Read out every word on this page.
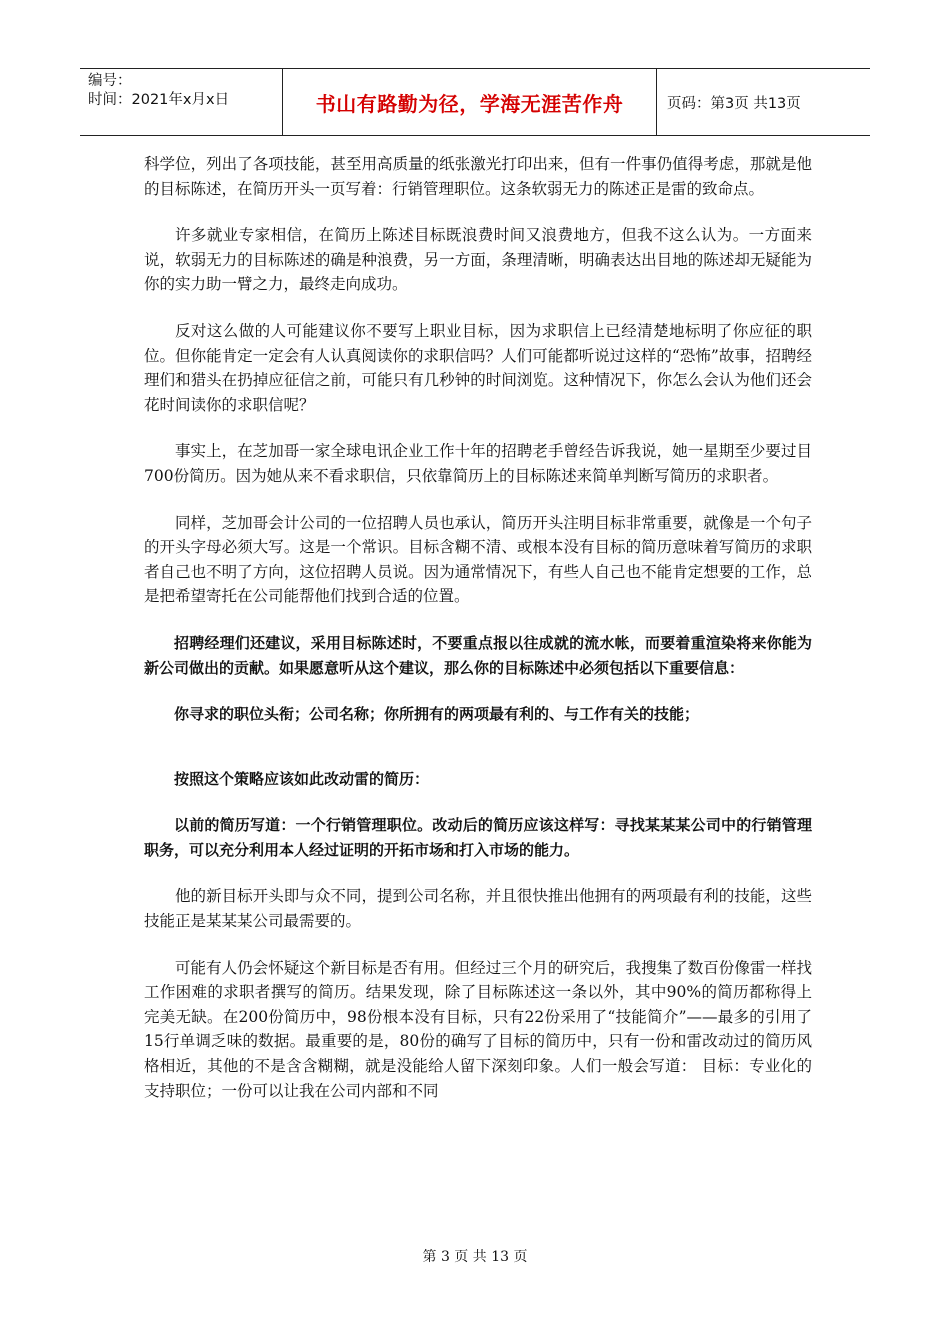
编号：
时间：2021年x月x日	书山有路勤为径，学海无涯苦作舟	页码：第3页 共13页

科学位，列出了各项技能，甚至用高质量的纸张激光打印出来，但有一件事仍值得考虑，那就是他的目标陈述，在简历开头一页写着：行销管理职位。这条软弱无力的陈述正是雷的致命点。

许多就业专家相信，在简历上陈述目标既浪费时间又浪费地方，但我不这么认为。一方面来说，软弱无力的目标陈述的确是种浪费，另一方面，条理清晰，明确表达出目地的陈述却无疑能为你的实力助一臂之力，最终走向成功。

反对这么做的人可能建议你不要写上职业目标，因为求职信上已经清楚地标明了你应征的职位。但你能肯定一定会有人认真阅读你的求职信吗？人们可能都听说过这样的“恐怖”故事，招聘经理们和猎头在扔掉应征信之前，可能只有几秒钟的时间浏览。这种情况下，你怎么会认为他们还会花时间读你的求职信呢？

事实上，在芝加哥一家全球电讯企业工作十年的招聘老手曾经告诉我说，她一星期至少要过目700份简历。因为她从来不看求职信，只依靠简历上的目标陈述来简单判断写简历的求职者。

同样，芝加哥会计公司的一位招聘人员也承认，简历开头注明目标非常重要，就像是一个句子的开头字母必须大写。这是一个常识。目标含糊不清、或根本没有目标的简历意味着写简历的求职者自己也不明了方向，这位招聘人员说。因为通常情况下，有些人自己也不能肯定想要的工作，总是把希望寄托在公司能帮他们找到合适的位置。

招聘经理们还建议，采用目标陈述时，不要重点报以往成就的流水帐，而要着重渲染将来你能为新公司做出的贡献。如果愿意听从这个建议，那么你的目标陈述中必须包括以下重要信息：

你寻求的职位头衔；公司名称；你所拥有的两项最有利的、与工作有关的技能；

按照这个策略应该如此改动雷的简历：

以前的简历写道：一个行销管理职位。改动后的简历应该这样写：寻找某某某公司中的行销管理职务，可以充分利用本人经过证明的开拓市场和打入市场的能力。

他的新目标开头即与众不同，提到公司名称，并且很快推出他拥有的两项最有利的技能，这些技能正是某某某公司最需要的。

可能有人仍会怀疑这个新目标是否有用。但经过三个月的研究后，我搜集了数百份像雷一样找工作困难的求职者撰写的简历。结果发现，除了目标陈述这一条以外，其中90%的简历都称得上完美无缺。在200份简历中，98份根本没有目标，只有22份采用了“技能简介”——最多的引用了15行单调乏味的数据。最重要的是，80份的确写了目标的简历中，只有一份和雷改动过的简历风格相近，其他的不是含含糊糊，就是没能给人留下深刻印象。人们一般会写道： 目标：专业化的支持职位；一份可以让我在公司内部和不同

第 3 页 共 13 页
